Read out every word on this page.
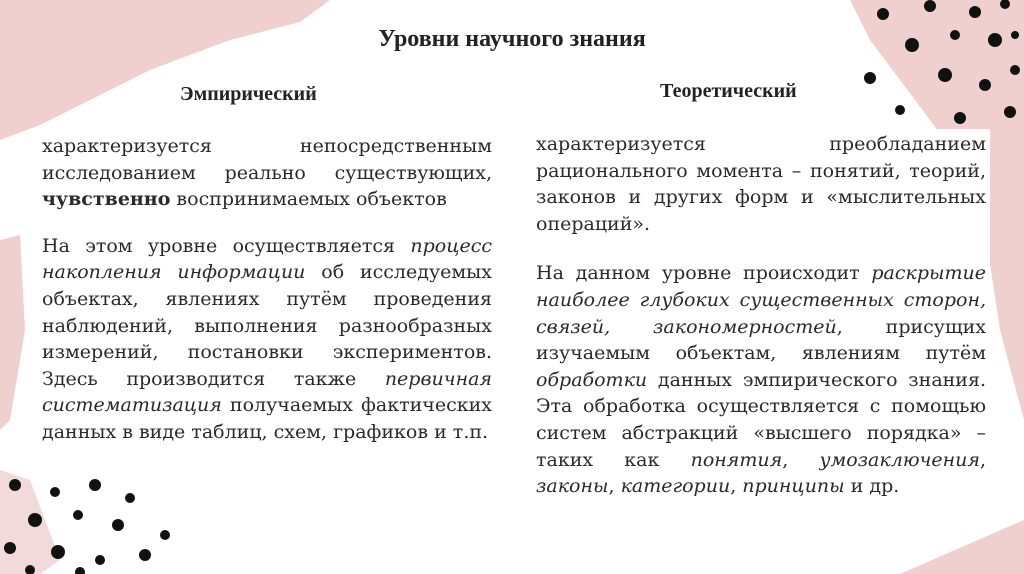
Уровни научного знания
Эмпирический	Теоретический

характеризуется непосредственным исследованием реально существующих, чувственно воспринимаемых объектов

На этом уровне осуществляется процесс накопления информации об исследуемых объектах, явлениях путём проведения наблюдений, выполнения разнообразных измерений, постановки экспериментов. Здесь производится также первичная систематизация получаемых фактических данных в виде таблиц, схем, графиков и т.п.

характеризуется преобладанием рационального момента – понятий, теорий, законов и других форм и «мыслительных операций».

На данном уровне происходит раскрытие наиболее глубоких существенных сторон, связей, закономерностей, присущих изучаемым объектам, явлениям путём обработки данных эмпирического знания. Эта обработка осуществляется с помощью систем абстракций «высшего порядка» – таких как понятия, умозаключения, законы, категории, принципы и др.
